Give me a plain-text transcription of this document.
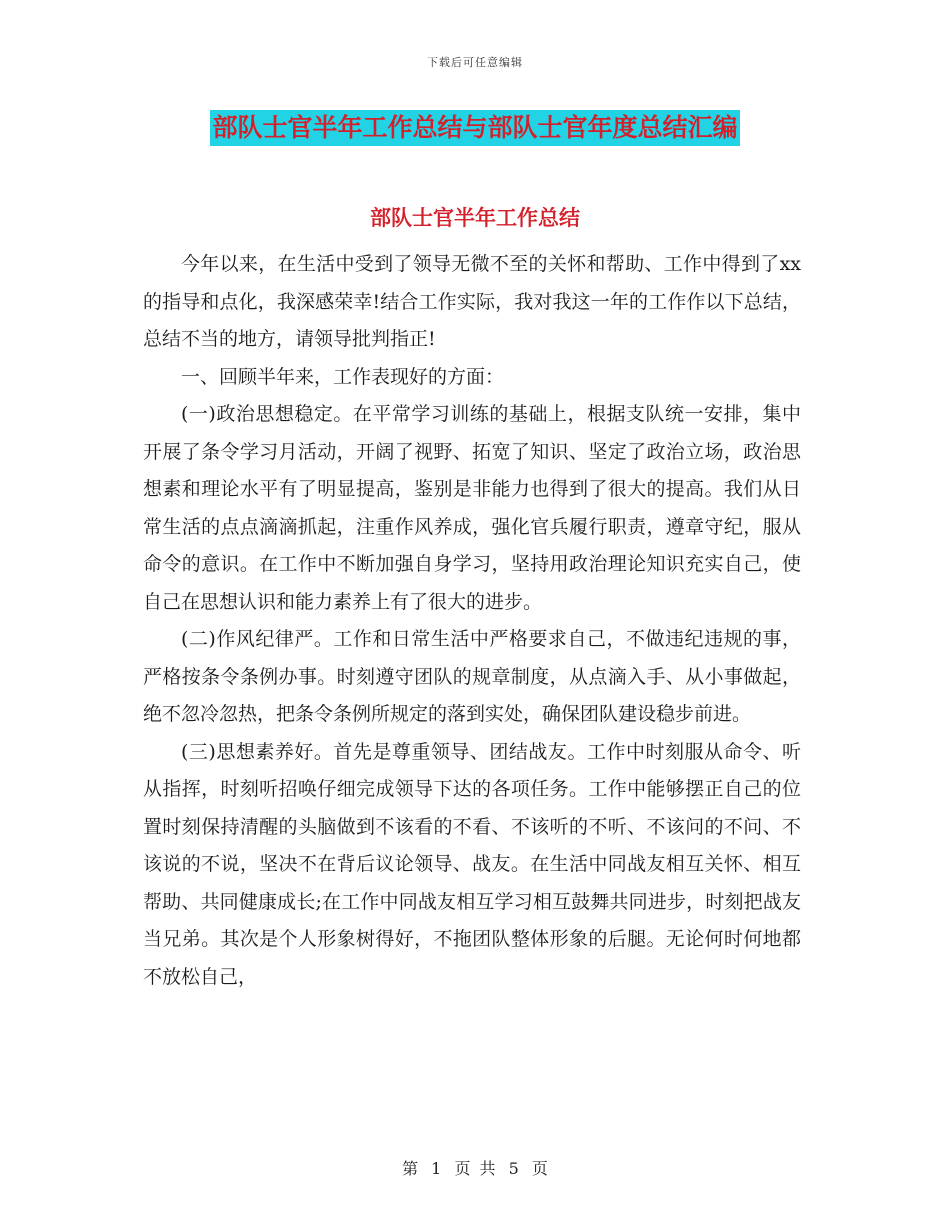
下载后可任意编辑
部队士官半年工作总结与部队士官年度总结汇编
部队士官半年工作总结

今年以来，在生活中受到了领导无微不至的关怀和帮助、工作中得到了xx的指导和点化，我深感荣幸!结合工作实际，我对我这一年的工作作以下总结，总结不当的地方，请领导批判指正!

一、回顾半年来，工作表现好的方面：

(一)政治思想稳定。在平常学习训练的基础上，根据支队统一安排，集中开展了条令学习月活动，开阔了视野、拓宽了知识、坚定了政治立场，政治思想素和理论水平有了明显提高，鉴别是非能力也得到了很大的提高。我们从日常生活的点点滴滴抓起，注重作风养成，强化官兵履行职责，遵章守纪，服从命令的意识。在工作中不断加强自身学习，坚持用政治理论知识充实自己，使自己在思想认识和能力素养上有了很大的进步。

(二)作风纪律严。工作和日常生活中严格要求自己，不做违纪违规的事，严格按条令条例办事。时刻遵守团队的规章制度，从点滴入手、从小事做起，绝不忽冷忽热，把条令条例所规定的落到实处，确保团队建设稳步前进。

(三)思想素养好。首先是尊重领导、团结战友。工作中时刻服从命令、听从指挥，时刻听招唤仔细完成领导下达的各项任务。工作中能够摆正自己的位置时刻保持清醒的头脑做到不该看的不看、不该听的不听、不该问的不问、不该说的不说，坚决不在背后议论领导、战友。在生活中同战友相互关怀、相互帮助、共同健康成长;在工作中同战友相互学习相互鼓舞共同进步，时刻把战友当兄弟。其次是个人形象树得好，不拖团队整体形象的后腿。无论何时何地都不放松自己，

第 1 页 共 5 页
